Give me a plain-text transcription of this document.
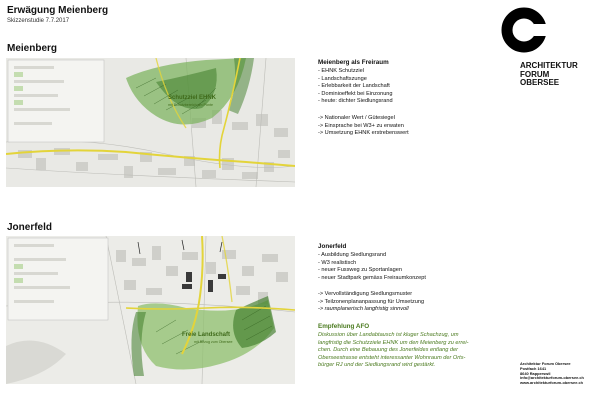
Erwägung Meienberg
Skizzenstudie 7.7.2017
Meienberg
Schutzziel EHNK
mit Schutzbereich am Ponte
Meienberg als Freiraum
- EHNK Schutzziel
- Landschaftszunge
- Erlebbarkeit der Landschaft
- Dominioeffekt bei Einzonung
- heute: dichter Siedlungsrand
-> Nationaler Wert / Gütesiegel
-> Einsprache bei W3+ zu erwaten
-> Umsetzung EHNK erstrebenswert
Jonerfeld
Freie Landschaft
mit Bezug zum Obersee
Jonerfeld
- Ausbildung Siedlungsrand
- W3 realistisch
- neuer Fussweg zu Sportanlagen
- neuer Stadtpark gemäss Freiraumkonzept
-> Vervollständigung Siedlungsmuster
-> Teilzonenplananpassung für Umsetzung
-> raumplanerisch langfristig sinnvoll
Empfehlung AFO
Diskussion über Landabtausch ist kluger Schachzug, um
langfristig die Schutzziele EHNK um den Meienberg zu errei-
chen. Durch eine Bebauung des Jonerfeldes entlang der
Oberseestrasse entsteht interessanter Wohnraum der Orts-
bürger RJ und der Siedlungsrand wird gestärkt.
ARCHITEKTUR
FORUM
OBERSEE
Architektur Forum Obersee
Postfach 1641
8640 Rapperswil
info@architekturforum-obersee.ch
www.architekturforum-obersee.ch
